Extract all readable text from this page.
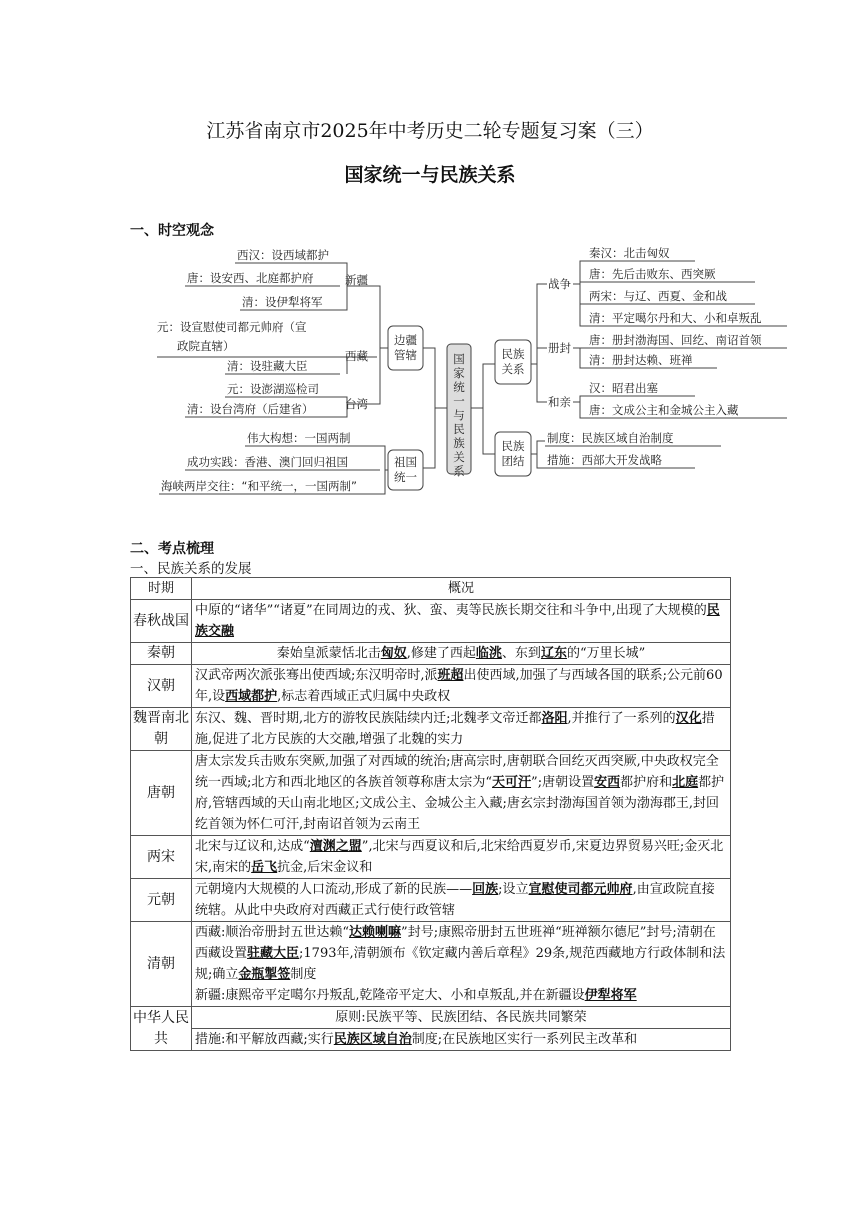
江苏省南京市2025年中考历史二轮专题复习案（三）
国家统一与民族关系
一、时空观念
西汉：设西域都护
唐：设安西、北庭都护府
清：设伊犁将军
元：设宣慰使司都元帅府（宣
政院直辖）
清：设驻藏大臣
元：设澎湖巡检司
清：设台湾府（后建省）
伟大构想：一国两制
成功实践：香港、澳门回归祖国
海峡两岸交往：“和平统一，一国两制”
新疆
西藏
台湾
边疆管辖
祖国统一
民族关系
民族团结
国
家
统
一
与
民
族
关
系
战争
册封
和亲
秦汉：北击匈奴
唐：先后击败东、西突厥
两宋：与辽、西夏、金和战
清：平定噶尔丹和大、小和卓叛乱
唐：册封渤海国、回纥、南诏首领
清：册封达赖、班禅
汉：昭君出塞
唐：文成公主和金城公主入藏
制度：民族区域自治制度
措施：西部大开发战略
二、考点梳理
一、民族关系的发展
时期	概况
春秋战国	中原的“诸华”“诸夏”在同周边的戎、狄、蛮、夷等民族长期交往和斗争中,出现了大规模的民族交融
秦朝	秦始皇派蒙恬北击匈奴,修建了西起临洮、东到辽东的“万里长城”
汉朝	汉武帝两次派张骞出使西域;东汉明帝时,派班超出使西域,加强了与西域各国的联系;公元前60年,设西域都护,标志着西域正式归属中央政权
魏晋南北朝	东汉、魏、晋时期,北方的游牧民族陆续内迁;北魏孝文帝迁都洛阳,并推行了一系列的汉化措施,促进了北方民族的大交融,增强了北魏的实力
唐朝	唐太宗发兵击败东突厥,加强了对西域的统治;唐高宗时,唐朝联合回纥灭西突厥,中央政权完全统一西域;北方和西北地区的各族首领尊称唐太宗为“天可汗”;唐朝设置安西都护府和北庭都护府,管辖西域的天山南北地区;文成公主、金城公主入藏;唐玄宗封渤海国首领为渤海郡王,封回纥首领为怀仁可汗,封南诏首领为云南王
两宋	北宋与辽议和,达成“澶渊之盟”,北宋与西夏议和后,北宋给西夏岁币,宋夏边界贸易兴旺;金灭北宋,南宋的岳飞抗金,后宋金议和
元朝	元朝境内大规模的人口流动,形成了新的民族——回族;设立宣慰使司都元帅府,由宣政院直接统辖。从此中央政府对西藏正式行使行政管辖
清朝	西藏:顺治帝册封五世达赖“达赖喇嘛”封号;康熙帝册封五世班禅“班禅额尔德尼”封号;清朝在西藏设置驻藏大臣;1793年,清朝颁布《钦定藏内善后章程》29条,规范西藏地方行政体制和法规;确立金瓶掣签制度
新疆:康熙帝平定噶尔丹叛乱,乾隆帝平定大、小和卓叛乱,并在新疆设伊犁将军
中华人民共	原则:民族平等、民族团结、各民族共同繁荣
措施:和平解放西藏;实行民族区域自治制度;在民族地区实行一系列民主改革和
